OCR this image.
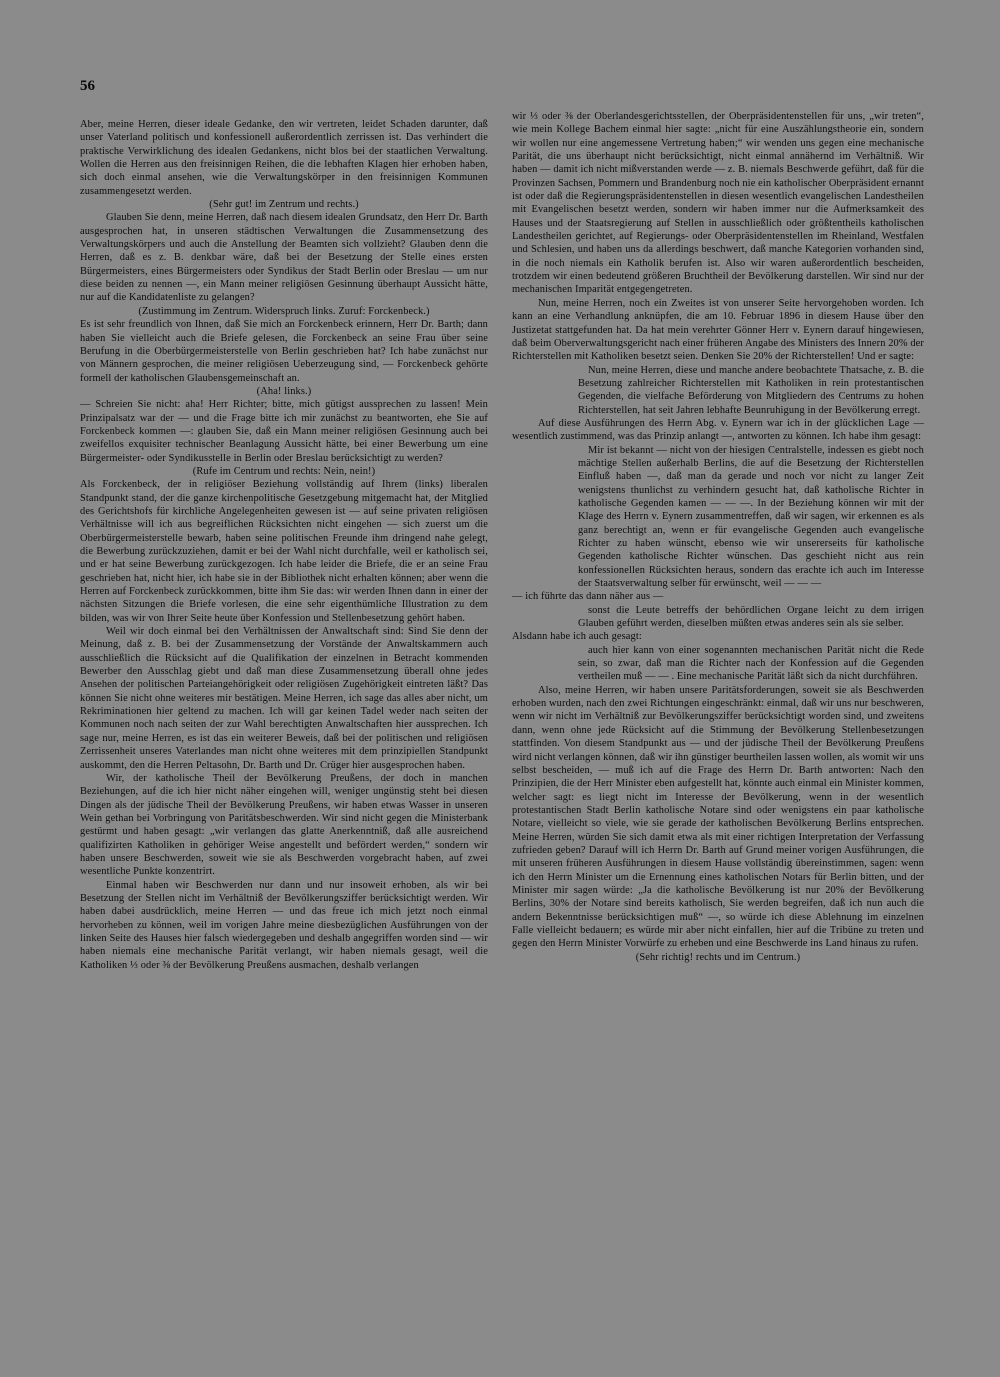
56

Aber, meine Herren, dieser ideale Gedanke, den wir vertreten, leidet Schaden darunter, daß unser Vaterland politisch und konfessionell außerordentlich zerrissen ist. Das verhindert die praktische Verwirklichung des idealen Gedankens, nicht blos bei der staatlichen Verwaltung. Wollen die Herren aus den freisinnigen Reihen, die die lebhaften Klagen hier erhoben haben, sich doch einmal ansehen, wie die Verwaltungskörper in den freisinnigen Kommunen zusammengesetzt werden.

(Sehr gut! im Zentrum und rechts.)

Glauben Sie denn, meine Herren, daß nach diesem idealen Grundsatz, den Herr Dr. Barth ausgesprochen hat, in unseren städtischen Verwaltungen die Zusammensetzung des Verwaltungskörpers und auch die Anstellung der Beamten sich vollzieht? Glauben denn die Herren, daß es z. B. denkbar wäre, daß bei der Besetzung der Stelle eines ersten Bürgermeisters, eines Bürgermeisters oder Syndikus der Stadt Berlin oder Breslau — um nur diese beiden zu nennen —, ein Mann meiner religiösen Gesinnung überhaupt Aussicht hätte, nur auf die Kandidatenliste zu gelangen?

(Zustimmung im Zentrum. Widerspruch links. Zuruf: Forckenbeck.)

Es ist sehr freundlich von Ihnen, daß Sie mich an Forckenbeck erinnern, Herr Dr. Barth; dann haben Sie vielleicht auch die Briefe gelesen, die Forckenbeck an seine Frau über seine Berufung in die Oberbürgermeisterstelle von Berlin geschrieben hat? Ich habe zunächst nur von Männern gesprochen, die meiner religiösen Ueberzeugung sind, — Forckenbeck gehörte formell der katholischen Glaubensgemeinschaft an.

(Aha! links.)

— Schreien Sie nicht: aha! Herr Richter; bitte, mich gütigst aussprechen zu lassen! Mein Prinzipalsatz war der — und die Frage bitte ich mir zunächst zu beantworten, ehe Sie auf Forckenbeck kommen —: glauben Sie, daß ein Mann meiner religiösen Gesinnung auch bei zweifellos exquisiter technischer Beanlagung Aussicht hätte, bei einer Bewerbung um eine Bürgermeister- oder Syndikusstelle in Berlin oder Breslau berücksichtigt zu werden?

(Rufe im Centrum und rechts: Nein, nein!)

Als Forckenbeck, der in religiöser Beziehung vollständig auf Ihrem (links) liberalen Standpunkt stand, der die ganze kirchenpolitische Gesetzgebung mitgemacht hat, der Mitglied des Gerichtshofs für kirchliche Angelegenheiten gewesen ist — auf seine privaten religiösen Verhältnisse will ich aus begreiflichen Rücksichten nicht eingehen — sich zuerst um die Oberbürgermeisterstelle bewarb, haben seine politischen Freunde ihm dringend nahe gelegt, die Bewerbung zurückzuziehen, damit er bei der Wahl nicht durchfalle, weil er katholisch sei, und er hat seine Bewerbung zurückgezogen. Ich habe leider die Briefe, die er an seine Frau geschrieben hat, nicht hier, ich habe sie in der Bibliothek nicht erhalten können; aber wenn die Herren auf Forckenbeck zurückkommen, bitte ihm Sie das: wir werden Ihnen dann in einer der nächsten Sitzungen die Briefe vorlesen, die eine sehr eigenthümliche Illustration zu dem bilden, was wir von Ihrer Seite heute über Konfession und Stellenbesetzung gehört haben.

Weil wir doch einmal bei den Verhältnissen der Anwaltschaft sind: Sind Sie denn der Meinung, daß z. B. bei der Zusammensetzung der Vorstände der Anwaltskammern auch ausschließlich die Rücksicht auf die Qualifikation der einzelnen in Betracht kommenden Bewerber den Ausschlag giebt und daß man diese Zusammensetzung überall ohne jedes Ansehen der politischen Parteiangehörigkeit oder religiösen Zugehörigkeit eintreten läßt? Das können Sie nicht ohne weiteres mir bestätigen. Meine Herren, ich sage das alles aber nicht, um Rekriminationen hier geltend zu machen. Ich will gar keinen Tadel weder nach seiten der Kommunen noch nach seiten der zur Wahl berechtigten Anwaltschaften hier aussprechen. Ich sage nur, meine Herren, es ist das ein weiterer Beweis, daß bei der politischen und religiösen Zerrissenheit unseres Vaterlandes man nicht ohne weiteres mit dem prinzipiellen Standpunkt auskommt, den die Herren Peltasohn, Dr. Barth und Dr. Crüger hier ausgesprochen haben.

Wir, der katholische Theil der Bevölkerung Preußens, der doch in manchen Beziehungen, auf die ich hier nicht näher eingehen will, weniger ungünstig steht bei diesen Dingen als der jüdische Theil der Bevölkerung Preußens, wir haben etwas Wasser in unseren Wein gethan bei Vorbringung von Paritätsbeschwerden. Wir sind nicht gegen die Ministerbank gestürmt und haben gesagt: „wir verlangen das glatte Anerkenntniß, daß alle ausreichend qualifizirten Katholiken in gehöriger Weise angestellt und befördert werden,“ sondern wir haben unsere Beschwerden, soweit wie sie als Beschwerden vorgebracht haben, auf zwei wesentliche Punkte konzentrirt.

Einmal haben wir Beschwerden nur dann und nur insoweit erhoben, als wir bei Besetzung der Stellen nicht im Verhältniß der Bevölkerungsziffer berücksichtigt werden. Wir haben dabei ausdrücklich, meine Herren — und das freue ich mich jetzt noch einmal hervorheben zu können, weil im vorigen Jahre meine diesbezüglichen Ausführungen von der linken Seite des Hauses hier falsch wiedergegeben und deshalb angegriffen worden sind — wir haben niemals eine mechanische Parität verlangt, wir haben niemals gesagt, weil die Katholiken ⅓ oder ⅜ der Bevölkerung Preußens ausmachen, deshalb verlangen

wir ⅓ oder ⅜ der Oberlandesgerichtsstellen, der Oberpräsidentenstellen für uns, „wir treten“, wie mein Kollege Bachem einmal hier sagte: „nicht für eine Auszählungstheorie ein, sondern wir wollen nur eine angemessene Vertretung haben;“ wir wenden uns gegen eine mechanische Parität, die uns überhaupt nicht berücksichtigt, nicht einmal annähernd im Verhältniß. Wir haben — damit ich nicht mißverstanden werde — z. B. niemals Beschwerde geführt, daß für die Provinzen Sachsen, Pommern und Brandenburg noch nie ein katholischer Oberpräsident ernannt ist oder daß die Regierungspräsidentenstellen in diesen wesentlich evangelischen Landestheilen mit Evangelischen besetzt werden, sondern wir haben immer nur die Aufmerksamkeit des Hauses und der Staatsregierung auf Stellen in ausschließlich oder größtentheils katholischen Landestheilen gerichtet, auf Regierungs- oder Oberpräsidentenstellen im Rheinland, Westfalen und Schlesien, und haben uns da allerdings beschwert, daß manche Kategorien vorhanden sind, in die noch niemals ein Katholik berufen ist. Also wir waren außerordentlich bescheiden, trotzdem wir einen bedeutend größeren Bruchtheil der Bevölkerung darstellen. Wir sind nur der mechanischen Imparität entgegengetreten.

Nun, meine Herren, noch ein Zweites ist von unserer Seite hervorgehoben worden. Ich kann an eine Verhandlung anknüpfen, die am 10. Februar 1896 in diesem Hause über den Justizetat stattgefunden hat. Da hat mein verehrter Gönner Herr v. Eynern darauf hingewiesen, daß beim Oberverwaltungsgericht nach einer früheren Angabe des Ministers des Innern 20% der Richterstellen mit Katholiken besetzt seien. Denken Sie 20% der Richterstellen! Und er sagte:

Nun, meine Herren, diese und manche andere beobachtete Thatsache, z. B. die Besetzung zahlreicher Richterstellen mit Katholiken in rein protestantischen Gegenden, die vielfache Beförderung von Mitgliedern des Centrums zu hohen Richterstellen, hat seit Jahren lebhafte Beunruhigung in der Bevölkerung erregt.

Auf diese Ausführungen des Herrn Abg. v. Eynern war ich in der glücklichen Lage — wesentlich zustimmend, was das Prinzip anlangt —, antworten zu können. Ich habe ihm gesagt:

Mir ist bekannt — nicht von der hiesigen Centralstelle, indessen es giebt noch mächtige Stellen außerhalb Berlins, die auf die Besetzung der Richterstellen Einfluß haben —, daß man da gerade und noch vor nicht zu langer Zeit wenigstens thunlichst zu verhindern gesucht hat, daß katholische Richter in katholische Gegenden kamen — — —. In der Beziehung können wir mit der Klage des Herrn v. Eynern zusammentreffen, daß wir sagen, wir erkennen es als ganz berechtigt an, wenn er für evangelische Gegenden auch evangelische Richter zu haben wünscht, ebenso wie wir unsererseits für katholische Gegenden katholische Richter wünschen. Das geschieht nicht aus rein konfessionellen Rücksichten heraus, sondern das erachte ich auch im Interesse der Staatsverwaltung selber für erwünscht, weil — — —

— ich führte das dann näher aus —

sonst die Leute betreffs der behördlichen Organe leicht zu dem irrigen Glauben geführt werden, dieselben müßten etwas anderes sein als sie selber.

Alsdann habe ich auch gesagt:

auch hier kann von einer sogenannten mechanischen Parität nicht die Rede sein, so zwar, daß man die Richter nach der Konfession auf die Gegenden vertheilen muß — — . Eine mechanische Parität läßt sich da nicht durchführen.

Also, meine Herren, wir haben unsere Paritätsforderungen, soweit sie als Beschwerden erhoben wurden, nach den zwei Richtungen eingeschränkt: einmal, daß wir uns nur beschweren, wenn wir nicht im Verhältniß zur Bevölkerungsziffer berücksichtigt worden sind, und zweitens dann, wenn ohne jede Rücksicht auf die Stimmung der Bevölkerung Stellenbesetzungen stattfinden. Von diesem Standpunkt aus — und der jüdische Theil der Bevölkerung Preußens wird nicht verlangen können, daß wir ihn günstiger beurtheilen lassen wollen, als womit wir uns selbst bescheiden, — muß ich auf die Frage des Herrn Dr. Barth antworten: Nach den Prinzipien, die der Herr Minister eben aufgestellt hat, könnte auch einmal ein Minister kommen, welcher sagt: es liegt nicht im Interesse der Bevölkerung, wenn in der wesentlich protestantischen Stadt Berlin katholische Notare sind oder wenigstens ein paar katholische Notare, vielleicht so viele, wie sie gerade der katholischen Bevölkerung Berlins entsprechen. Meine Herren, würden Sie sich damit etwa als mit einer richtigen Interpretation der Verfassung zufrieden geben? Darauf will ich Herrn Dr. Barth auf Grund meiner vorigen Ausführungen, die mit unseren früheren Ausführungen in diesem Hause vollständig übereinstimmen, sagen: wenn ich den Herrn Minister um die Ernennung eines katholischen Notars für Berlin bitten, und der Minister mir sagen würde: „Ja die katholische Bevölkerung ist nur 20% der Bevölkerung Berlins, 30% der Notare sind bereits katholisch, Sie werden begreifen, daß ich nun auch die andern Bekenntnisse berücksichtigen muß“ —, so würde ich diese Ablehnung im einzelnen Falle vielleicht bedauern; es würde mir aber nicht einfallen, hier auf die Tribüne zu treten und gegen den Herrn Minister Vorwürfe zu erheben und eine Beschwerde ins Land hinaus zu rufen.

(Sehr richtig! rechts und im Centrum.)
